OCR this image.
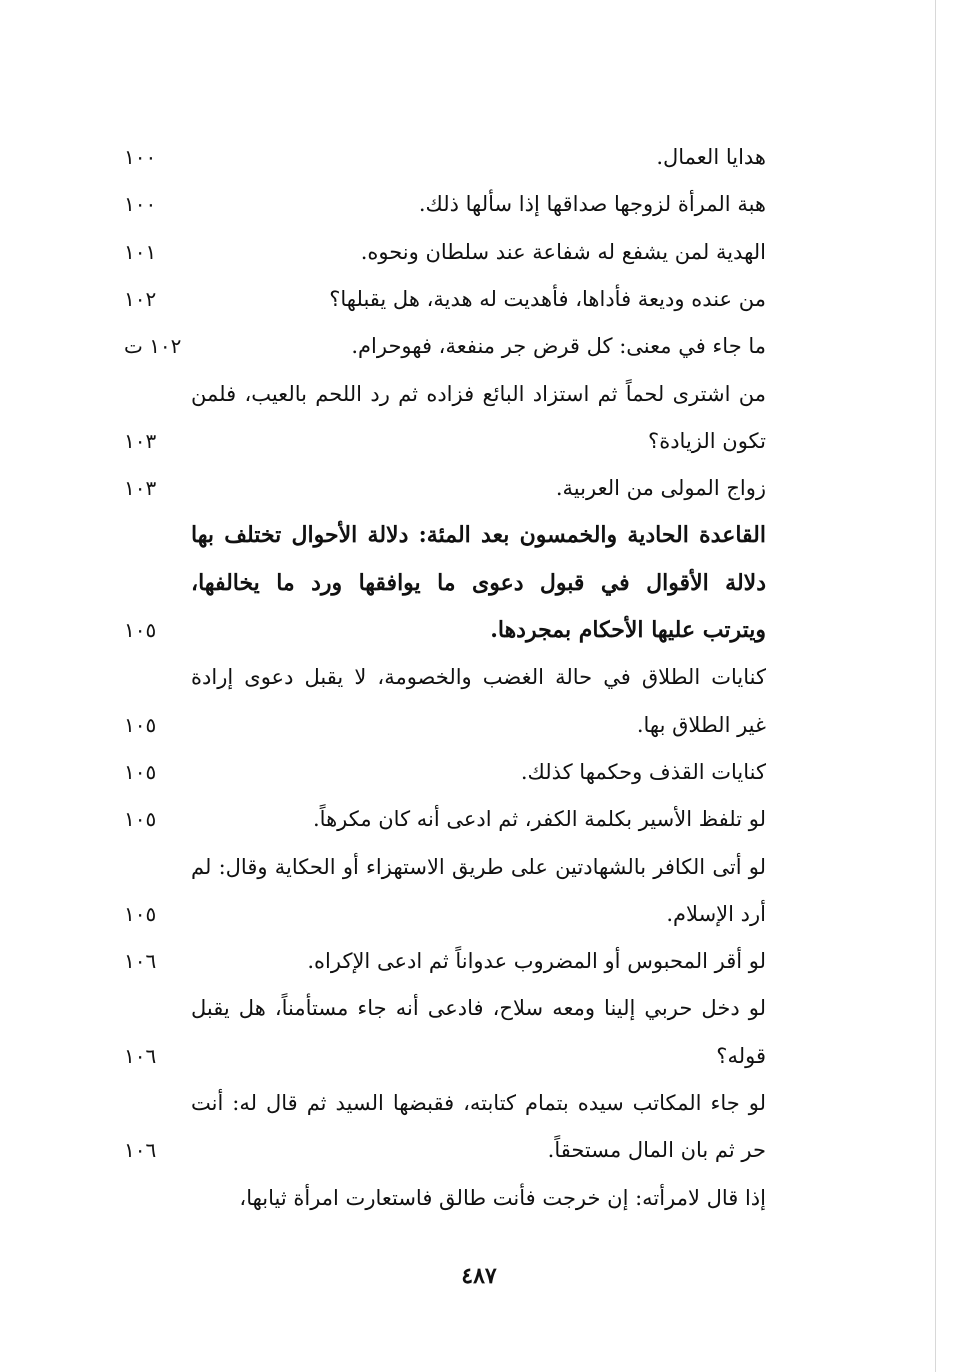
هدايا العمال.
١٠٠
هبة المرأة لزوجها صداقها إذا سألها ذلك.
١٠٠
الهدية لمن يشفع له شفاعة عند سلطان ونحوه.
١٠١
من عنده وديعة فأداها، فأهديت له هدية، هل يقبلها؟
١٠٢
ما جاء في معنى: كل قرض جر منفعة، فهوحرام.
١٠٢ ت
من اشترى لحماً ثم استزاد البائع فزاده ثم رد اللحم بالعيب، فلمن
تكون الزيادة؟
١٠٣
زواج المولى من العربية.
١٠٣
القاعدة الحادية والخمسون بعد المئة: دلالة الأحوال تختلف بها
دلالة الأقوال في قبول دعوى ما يوافقها ورد ما يخالفها،
ويترتب عليها الأحكام بمجردها.
١٠٥
كنايات الطلاق في حالة الغضب والخصومة، لا يقبل دعوى إرادة
غير الطلاق بها.
١٠٥
كنايات القذف وحكمها كذلك.
١٠٥
لو تلفظ الأسير بكلمة الكفر، ثم ادعى أنه كان مكرهاً.
١٠٥
لو أتى الكافر بالشهادتين على طريق الاستهزاء أو الحكاية وقال: لم
أرد الإسلام.
١٠٥
لو أقر المحبوس أو المضروب عدواناً ثم ادعى الإكراه.
١٠٦
لو دخل حربي إلينا ومعه سلاح، فادعى أنه جاء مستأمناً، هل يقبل
قوله؟
١٠٦
لو جاء المكاتب سيده بتمام كتابته، فقبضها السيد ثم قال له: أنت
حر ثم بان المال مستحقاً.
١٠٦
إذا قال لامرأته: إن خرجت فأنت طالق فاستعارت امرأة ثيابها،
٤٨٧
